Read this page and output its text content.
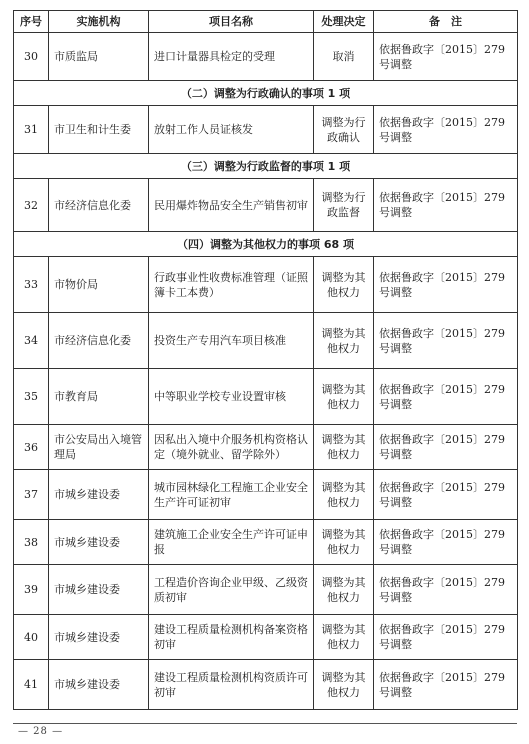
序号	实施机构	项目名称	处理决定	备　注
30	市质监局	进口计量器具检定的受理	取消	依据鲁政字〔2015〕279号调整
（二）调整为行政确认的事项 1 项				
31	市卫生和计生委	放射工作人员证核发	调整为行政确认	依据鲁政字〔2015〕279号调整
（三）调整为行政监督的事项 1 项				
32	市经济信息化委	民用爆炸物品安全生产销售初审	调整为行政监督	依据鲁政字〔2015〕279号调整
（四）调整为其他权力的事项 68 项				
33	市物价局	行政事业性收费标准管理（证照簿卡工本费）	调整为其他权力	依据鲁政字〔2015〕279号调整
34	市经济信息化委	投资生产专用汽车项目核准	调整为其他权力	依据鲁政字〔2015〕279号调整
35	市教育局	中等职业学校专业设置审核	调整为其他权力	依据鲁政字〔2015〕279号调整
36	市公安局出入境管理局	因私出入境中介服务机构资格认定（境外就业、留学除外）	调整为其他权力	依据鲁政字〔2015〕279号调整
37	市城乡建设委	城市园林绿化工程施工企业安全生产许可证初审	调整为其他权力	依据鲁政字〔2015〕279号调整
38	市城乡建设委	建筑施工企业安全生产许可证申报	调整为其他权力	依据鲁政字〔2015〕279号调整
39	市城乡建设委	工程造价咨询企业甲级、乙级资质初审	调整为其他权力	依据鲁政字〔2015〕279号调整
40	市城乡建设委	建设工程质量检测机构备案资格初审	调整为其他权力	依据鲁政字〔2015〕279号调整
41	市城乡建设委	建设工程质量检测机构资质许可初审	调整为其他权力	依据鲁政字〔2015〕279号调整
— 28 —
